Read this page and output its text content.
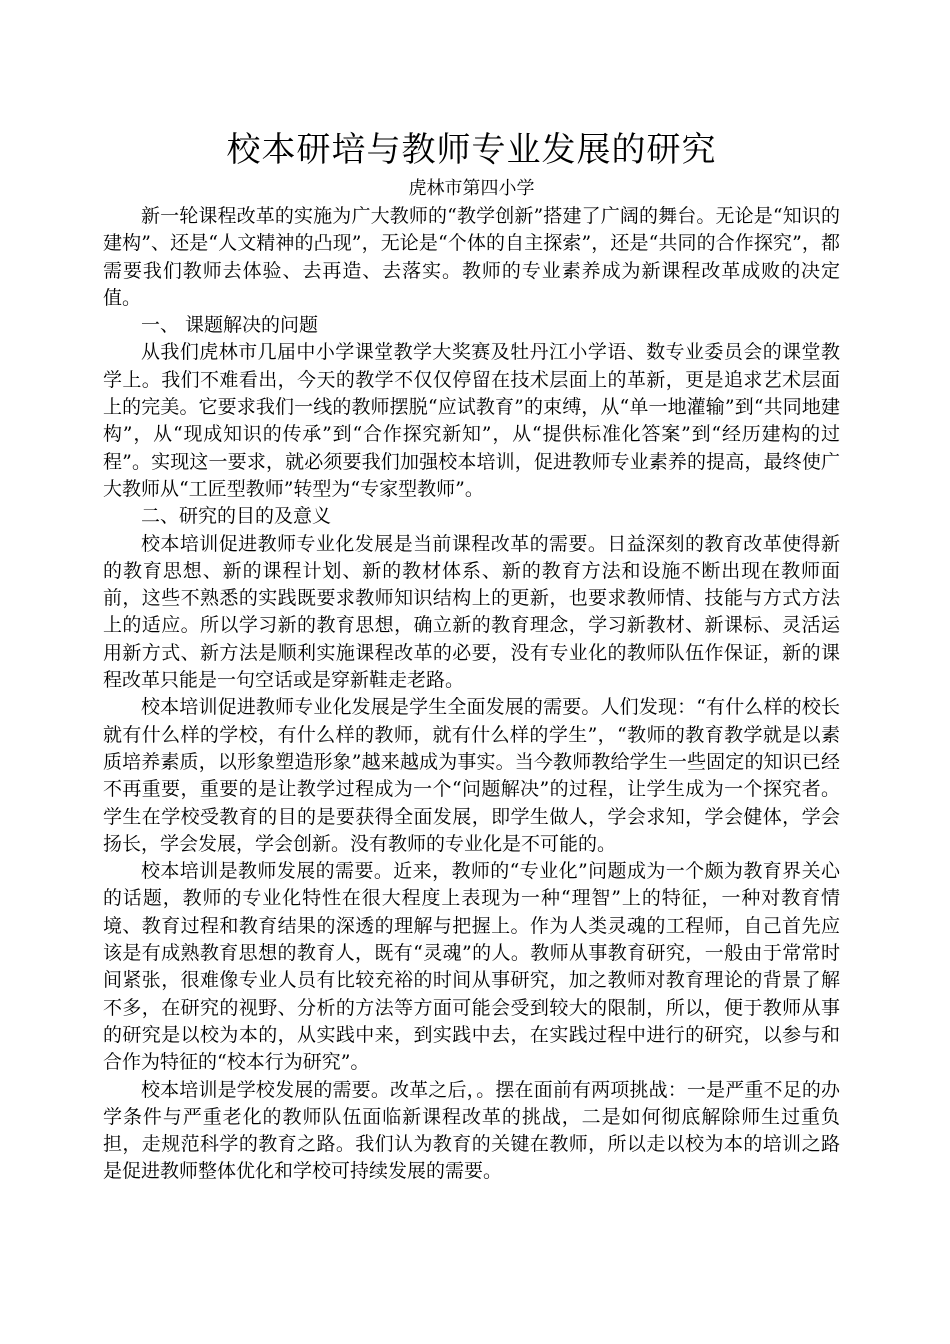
校本研培与教师专业发展的研究

虎林市第四小学

新一轮课程改革的实施为广大教师的“教学创新”搭建了广阔的舞台。无论是“知识的建构”、还是“人文精神的凸现”，无论是“个体的自主探索”，还是“共同的合作探究”，都需要我们教师去体验、去再造、去落实。教师的专业素养成为新课程改革成败的决定值。

一、 课题解决的问题

从我们虎林市几届中小学课堂教学大奖赛及牡丹江小学语、数专业委员会的课堂教学上。我们不难看出，今天的教学不仅仅停留在技术层面上的革新，更是追求艺术层面上的完美。它要求我们一线的教师摆脱“应试教育”的束缚，从“单一地灌输”到“共同地建构”，从“现成知识的传承”到“合作探究新知”，从“提供标准化答案”到“经历建构的过程”。实现这一要求，就必须要我们加强校本培训，促进教师专业素养的提高，最终使广大教师从“工匠型教师”转型为“专家型教师”。

二、研究的目的及意义

校本培训促进教师专业化发展是当前课程改革的需要。日益深刻的教育改革使得新的教育思想、新的课程计划、新的教材体系、新的教育方法和设施不断出现在教师面前，这些不熟悉的实践既要求教师知识结构上的更新，也要求教师情、技能与方式方法上的适应。所以学习新的教育思想，确立新的教育理念，学习新教材、新课标、灵活运用新方式、新方法是顺利实施课程改革的必要，没有专业化的教师队伍作保证，新的课程改革只能是一句空话或是穿新鞋走老路。

校本培训促进教师专业化发展是学生全面发展的需要。人们发现：“有什么样的校长就有什么样的学校，有什么样的教师，就有什么样的学生”，“教师的教育教学就是以素质培养素质，以形象塑造形象”越来越成为事实。当今教师教给学生一些固定的知识已经不再重要，重要的是让教学过程成为一个“问题解决”的过程，让学生成为一个探究者。学生在学校受教育的目的是要获得全面发展，即学生做人，学会求知，学会健体，学会扬长，学会发展，学会创新。没有教师的专业化是不可能的。

校本培训是教师发展的需要。近来，教师的“专业化”问题成为一个颇为教育界关心的话题，教师的专业化特性在很大程度上表现为一种“理智”上的特征，一种对教育情境、教育过程和教育结果的深透的理解与把握上。作为人类灵魂的工程师，自己首先应该是有成熟教育思想的教育人，既有“灵魂”的人。教师从事教育研究，一般由于常常时间紧张，很难像专业人员有比较充裕的时间从事研究，加之教师对教育理论的背景了解不多，在研究的视野、分析的方法等方面可能会受到较大的限制，所以，便于教师从事的研究是以校为本的，从实践中来，到实践中去，在实践过程中进行的研究，以参与和合作为特征的“校本行为研究”。

校本培训是学校发展的需要。改革之后，。摆在面前有两项挑战：一是严重不足的办学条件与严重老化的教师队伍面临新课程改革的挑战，二是如何彻底解除师生过重负担，走规范科学的教育之路。我们认为教育的关键在教师，所以走以校为本的培训之路是促进教师整体优化和学校可持续发展的需要。
